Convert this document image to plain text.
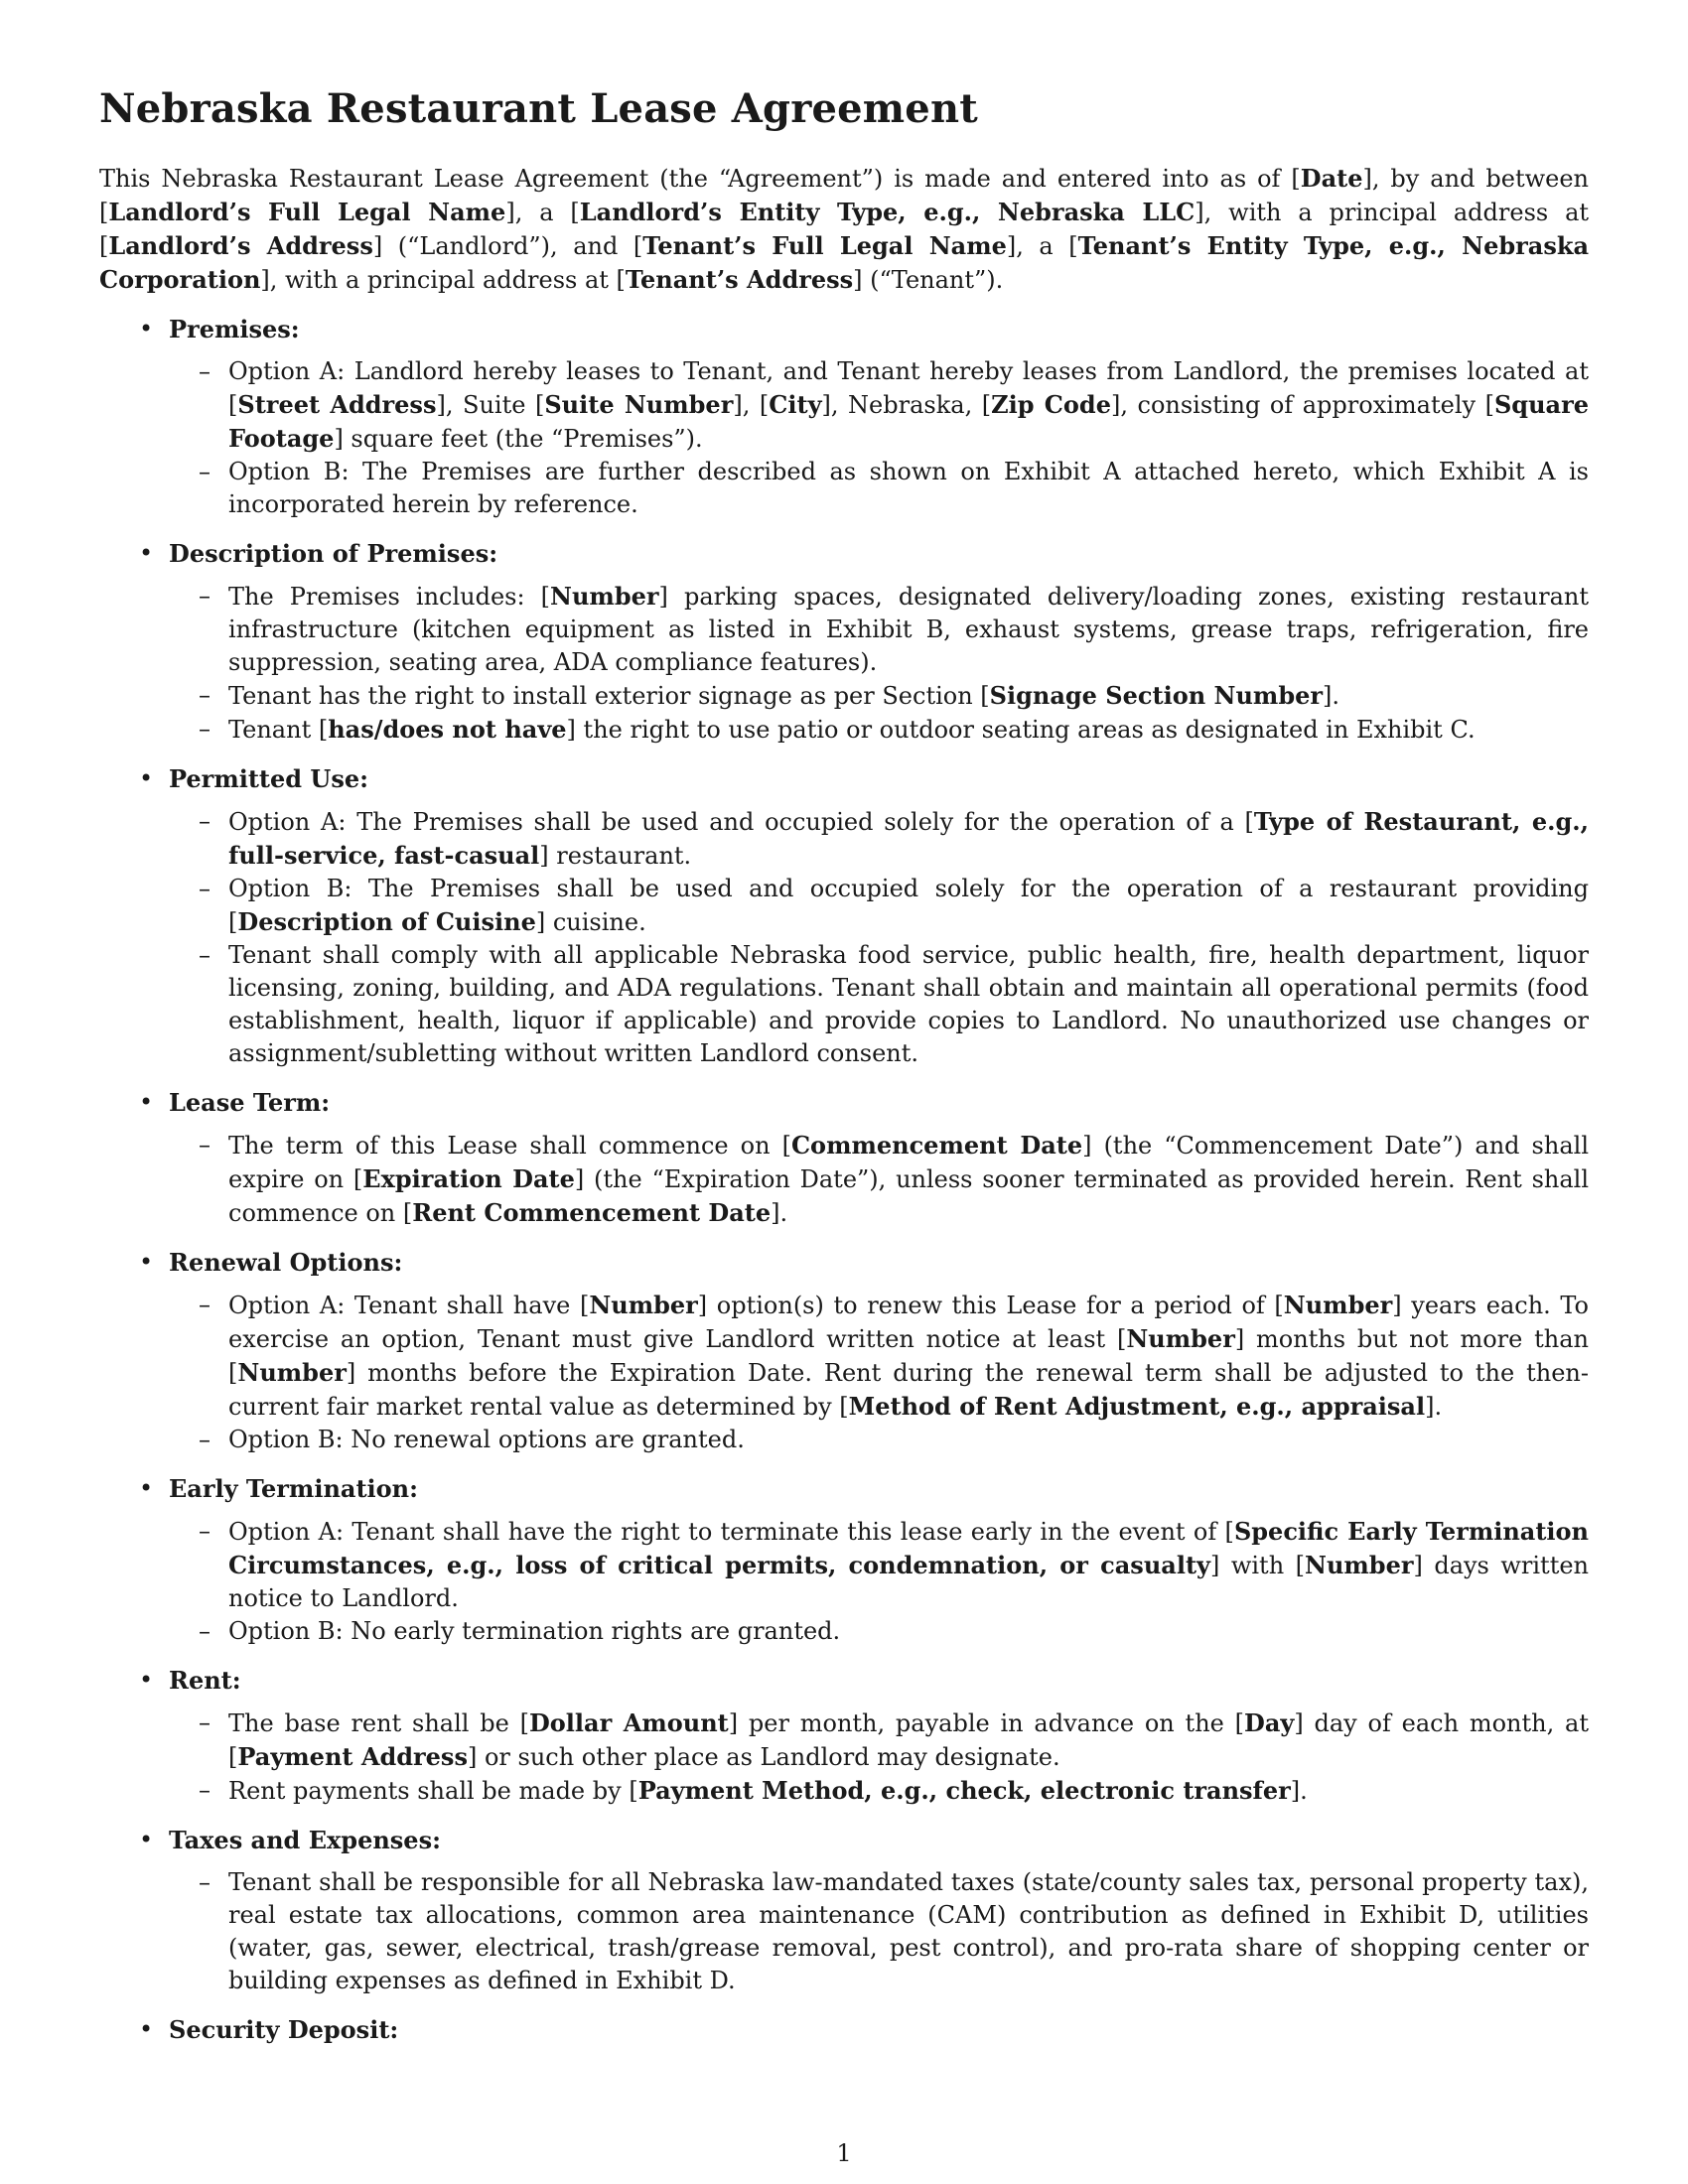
Nebraska Restaurant Lease Agreement

This Nebraska Restaurant Lease Agreement (the “Agreement”) is made and entered into as of [Date], by and between [Landlord’s Full Legal Name], a [Landlord’s Entity Type, e.g., Nebraska LLC], with a principal address at [Landlord’s Address] (“Landlord”), and [Tenant’s Full Legal Name], a [Tenant’s Entity Type, e.g., Nebraska Corporation], with a principal address at [Tenant’s Address] (“Tenant”).

• Premises:
– Option A: Landlord hereby leases to Tenant, and Tenant hereby leases from Landlord, the premises located at [Street Address], Suite [Suite Number], [City], Nebraska, [Zip Code], consisting of approximately [Square Footage] square feet (the “Premises”).
– Option B: The Premises are further described as shown on Exhibit A attached hereto, which Exhibit A is incorporated herein by reference.
• Description of Premises:
– The Premises includes: [Number] parking spaces, designated delivery/loading zones, existing restaurant infrastructure (kitchen equipment as listed in Exhibit B, exhaust systems, grease traps, refrigeration, fire suppression, seating area, ADA compliance features).
– Tenant has the right to install exterior signage as per Section [Signage Section Number].
– Tenant [has/does not have] the right to use patio or outdoor seating areas as designated in Exhibit C.
• Permitted Use:
– Option A: The Premises shall be used and occupied solely for the operation of a [Type of Restaurant, e.g., full-service, fast-casual] restaurant.
– Option B: The Premises shall be used and occupied solely for the operation of a restaurant providing [Description of Cuisine] cuisine.
– Tenant shall comply with all applicable Nebraska food service, public health, fire, health department, liquor licensing, zoning, building, and ADA regulations. Tenant shall obtain and maintain all operational permits (food establishment, health, liquor if applicable) and provide copies to Landlord. No unauthorized use changes or assignment/subletting without written Landlord consent.
• Lease Term:
– The term of this Lease shall commence on [Commencement Date] (the “Commencement Date”) and shall expire on [Expiration Date] (the “Expiration Date”), unless sooner terminated as provided herein. Rent shall commence on [Rent Commencement Date].
• Renewal Options:
– Option A: Tenant shall have [Number] option(s) to renew this Lease for a period of [Number] years each. To exercise an option, Tenant must give Landlord written notice at least [Number] months but not more than [Number] months before the Expiration Date. Rent during the renewal term shall be adjusted to the then-current fair market rental value as determined by [Method of Rent Adjustment, e.g., appraisal].
– Option B: No renewal options are granted.
• Early Termination:
– Option A: Tenant shall have the right to terminate this lease early in the event of [Specific Early Termination Circumstances, e.g., loss of critical permits, condemnation, or casualty] with [Number] days written notice to Landlord.
– Option B: No early termination rights are granted.
• Rent:
– The base rent shall be [Dollar Amount] per month, payable in advance on the [Day] day of each month, at [Payment Address] or such other place as Landlord may designate.
– Rent payments shall be made by [Payment Method, e.g., check, electronic transfer].
• Taxes and Expenses:
– Tenant shall be responsible for all Nebraska law-mandated taxes (state/county sales tax, personal property tax), real estate tax allocations, common area maintenance (CAM) contribution as defined in Exhibit D, utilities (water, gas, sewer, electrical, trash/grease removal, pest control), and pro-rata share of shopping center or building expenses as defined in Exhibit D.
• Security Deposit:
1
